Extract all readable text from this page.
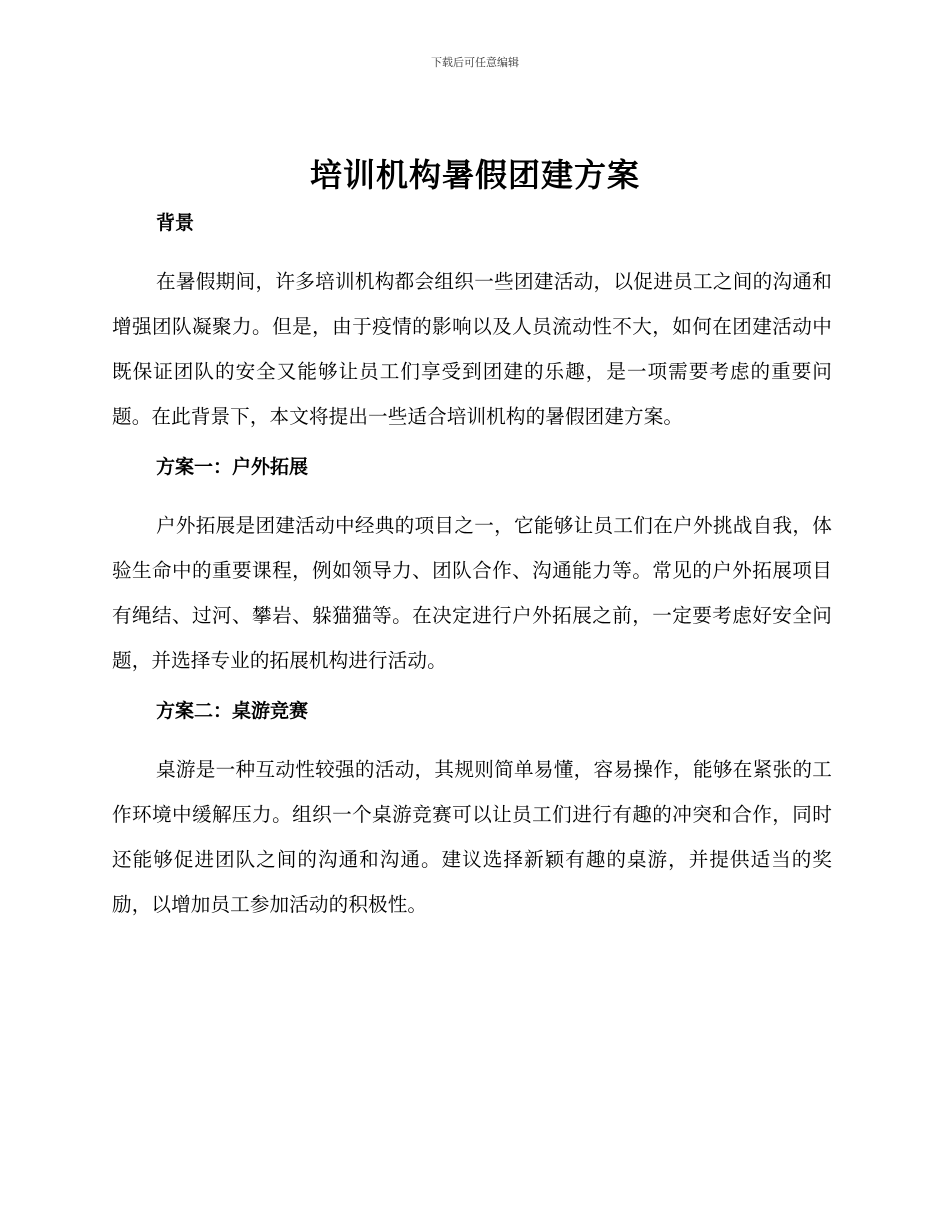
下载后可任意编辑
培训机构暑假团建方案
背景

在暑假期间，许多培训机构都会组织一些团建活动，以促进员工之间的沟通和增强团队凝聚力。但是，由于疫情的影响以及人员流动性不大，如何在团建活动中既保证团队的安全又能够让员工们享受到团建的乐趣，是一项需要考虑的重要问题。在此背景下，本文将提出一些适合培训机构的暑假团建方案。

方案一：户外拓展

户外拓展是团建活动中经典的项目之一，它能够让员工们在户外挑战自我，体验生命中的重要课程，例如领导力、团队合作、沟通能力等。常见的户外拓展项目有绳结、过河、攀岩、躲猫猫等。在决定进行户外拓展之前，一定要考虑好安全问题，并选择专业的拓展机构进行活动。

方案二：桌游竞赛

桌游是一种互动性较强的活动，其规则简单易懂，容易操作，能够在紧张的工作环境中缓解压力。组织一个桌游竞赛可以让员工们进行有趣的冲突和合作，同时还能够促进团队之间的沟通和沟通。建议选择新颖有趣的桌游，并提供适当的奖励，以增加员工参加活动的积极性。
